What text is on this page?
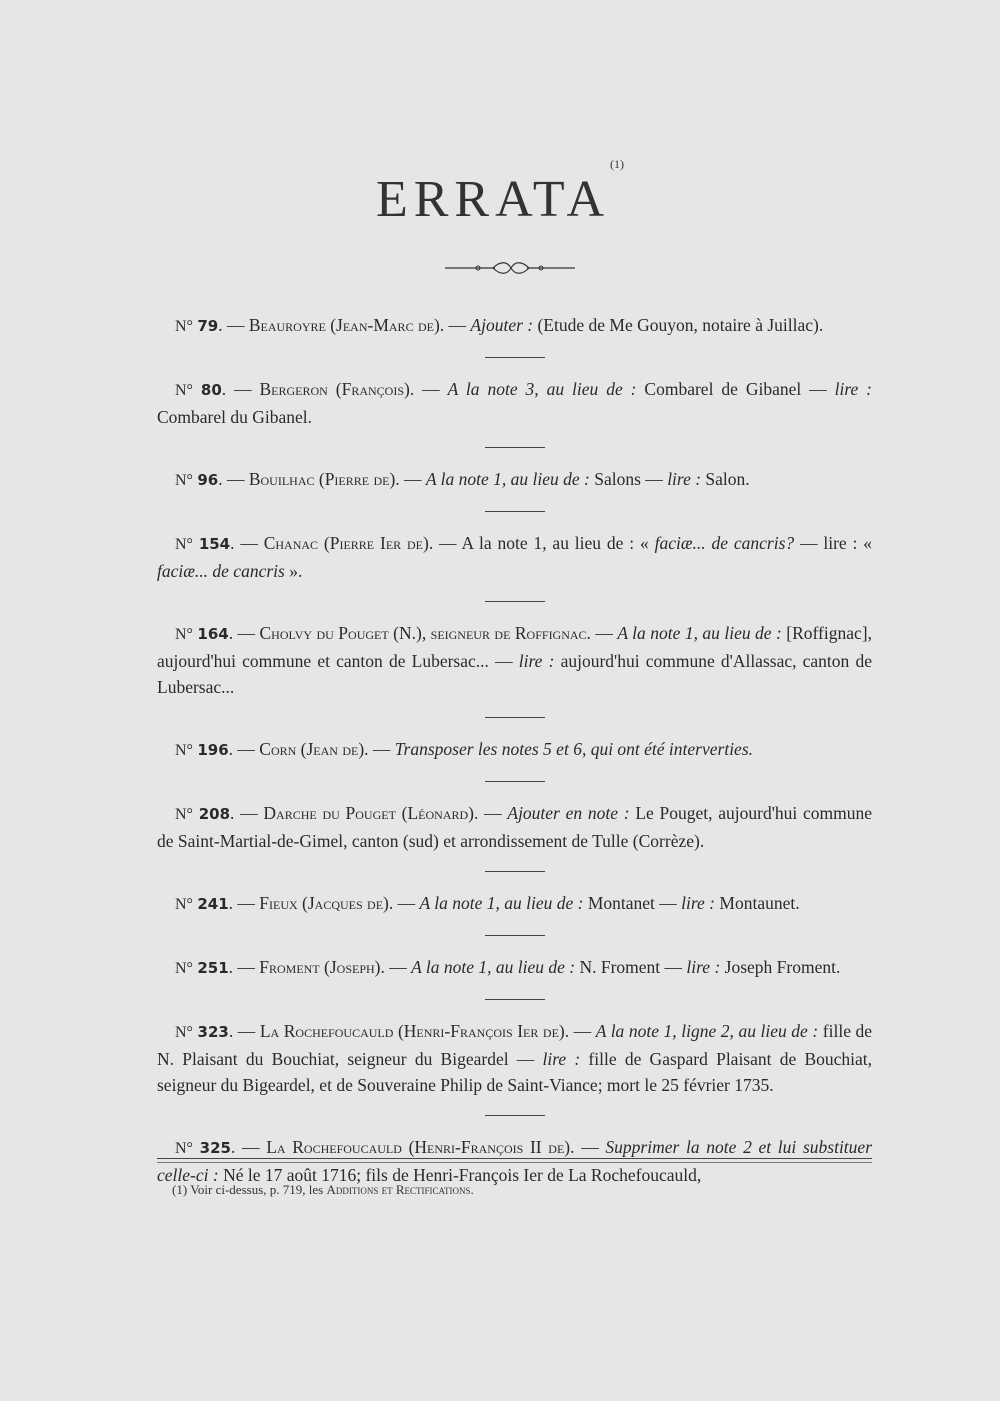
ERRATA$^{(1)}$

N° 79. — Beauroyre (Jean-Marc de). — Ajouter : (Etude de Me Gouyon, notaire à Juillac).

N° 80. — Bergeron (François). — A la note 3, au lieu de : Combarel de Gibanel — lire : Combarel du Gibanel.

N° 96. — Bouilhac (Pierre de). — A la note 1, au lieu de : Salons — lire : Salon.

N° 154. — Chanac (Pierre Ier de). — A la note 1, au lieu de : « faciæ... de cancris? — lire : « faciæ... de cancris ».

N° 164. — Cholvy du Pouget (N.), seigneur de Roffignac. — A la note 1, au lieu de : [Roffignac], aujourd'hui commune et canton de Lubersac... — lire : aujourd'hui commune d'Allassac, canton de Lubersac...

N° 196. — Corn (Jean de). — Transposer les notes 5 et 6, qui ont été interverties.

N° 208. — Darche du Pouget (Léonard). — Ajouter en note : Le Pouget, aujourd'hui commune de Saint-Martial-de-Gimel, canton (sud) et arrondissement de Tulle (Corrèze).

N° 241. — Fieux (Jacques de). — A la note 1, au lieu de : Montanet — lire : Montaunet.

N° 251. — Froment (Joseph). — A la note 1, au lieu de : N. Froment — lire : Joseph Froment.

N° 323. — La Rochefoucauld (Henri-François Ier de). — A la note 1, ligne 2, au lieu de : fille de N. Plaisant du Bouchiat, seigneur du Bigeardel — lire : fille de Gaspard Plaisant de Bouchiat, seigneur du Bigeardel, et de Souveraine Philip de Saint-Viance; mort le 25 février 1735.

N° 325. — La Rochefoucauld (Henri-François II de). — Supprimer la note 2 et lui substituer celle-ci : Né le 17 août 1716; fils de Henri-François Ier de La Rochefoucauld,

(1) Voir ci-dessus, p. 719, les Additions et Rectifications.
